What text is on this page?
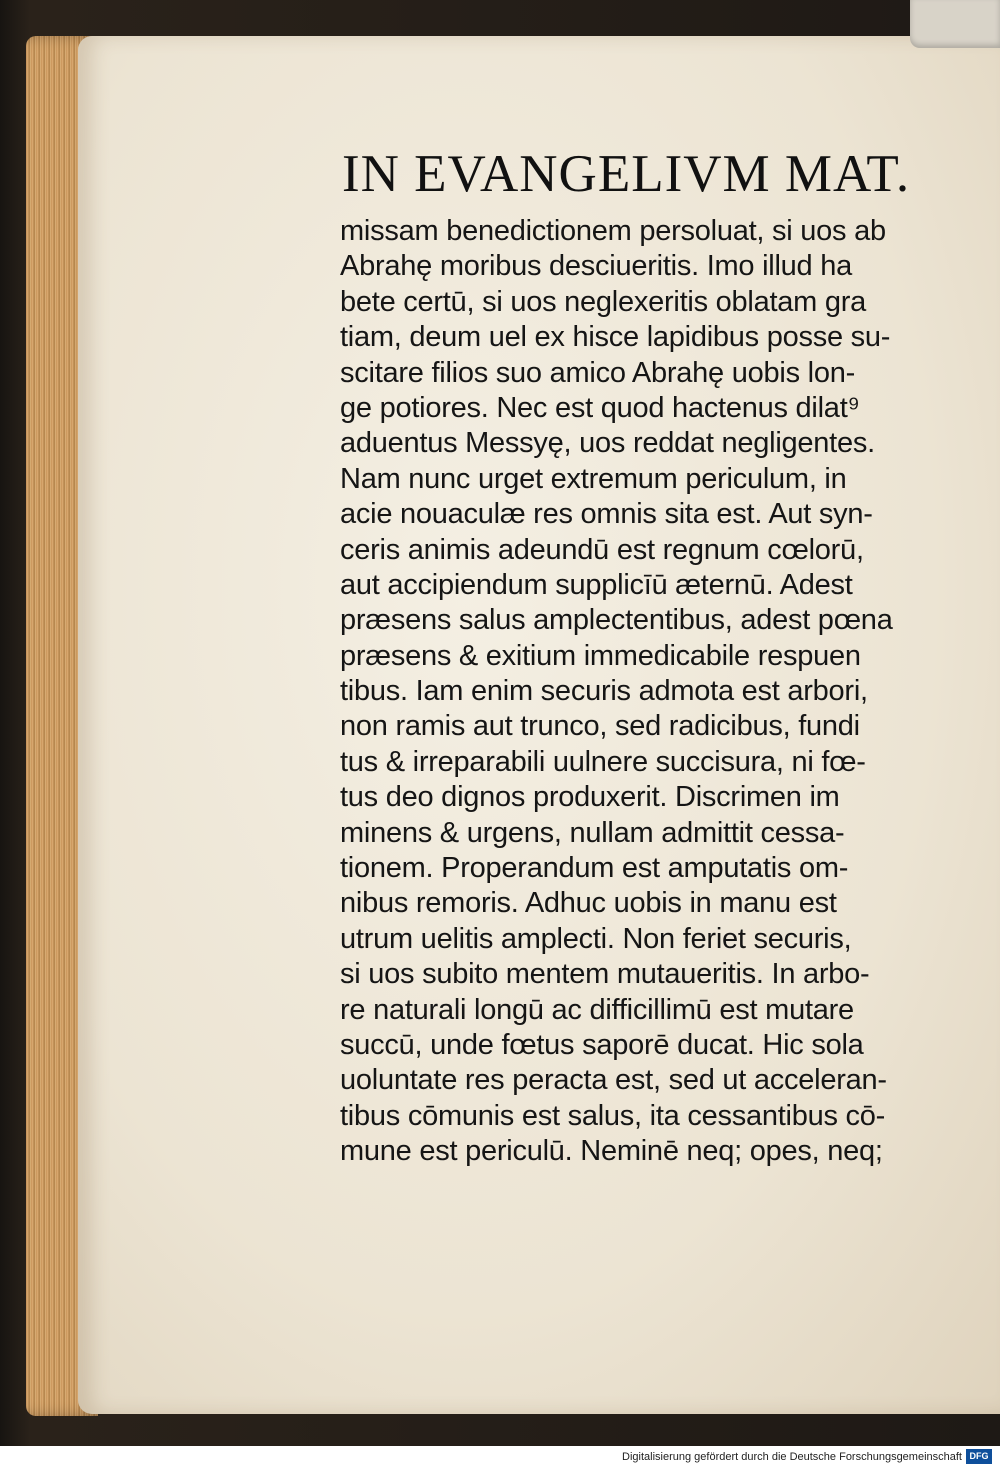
IN EVANGELIVM MAT.
missam benedictionem persoluat, si uos ab
Abrahę moribus desciueritis. Imo illud ha
bete certū, si uos neglexeritis oblatam gra
tiam, deum uel ex hisce lapidibus posse su-
scitare filios suo amico Abrahę uobis lon-
ge potiores. Nec est quod hactenus dilat⁹
aduentus Messyę, uos reddat negligentes.
Nam nunc urget extremum periculum, in
acie nouaculæ res omnis sita est. Aut syn-
ceris animis adeundū est regnum cœlorū,
aut accipiendum supplicīū æternū. Adest
præsens salus amplectentibus, adest pœna
præsens & exitium immedicabile respuen
tibus. Iam enim securis admota est arbori,
non ramis aut trunco, sed radicibus, fundi
tus & irreparabili uulnere succisura, ni fœ-
tus deo dignos produxerit. Discrimen im
minens & urgens, nullam admittit cessa-
tionem. Properandum est amputatis om-
nibus remoris. Adhuc uobis in manu est
utrum uelitis amplecti. Non feriet securis,
si uos subito mentem mutaueritis. In arbo-
re naturali longū ac difficillimū est mutare
succū, unde fœtus saporē ducat. Hic sola
uoluntate res peracta est, sed ut acceleran-
tibus cōmunis est salus, ita cessantibus cō-
mune est periculū. Neminē neq; opes, neq;
Digitalisierung gefördert durch die Deutsche Forschungsgemeinschaft DFG
